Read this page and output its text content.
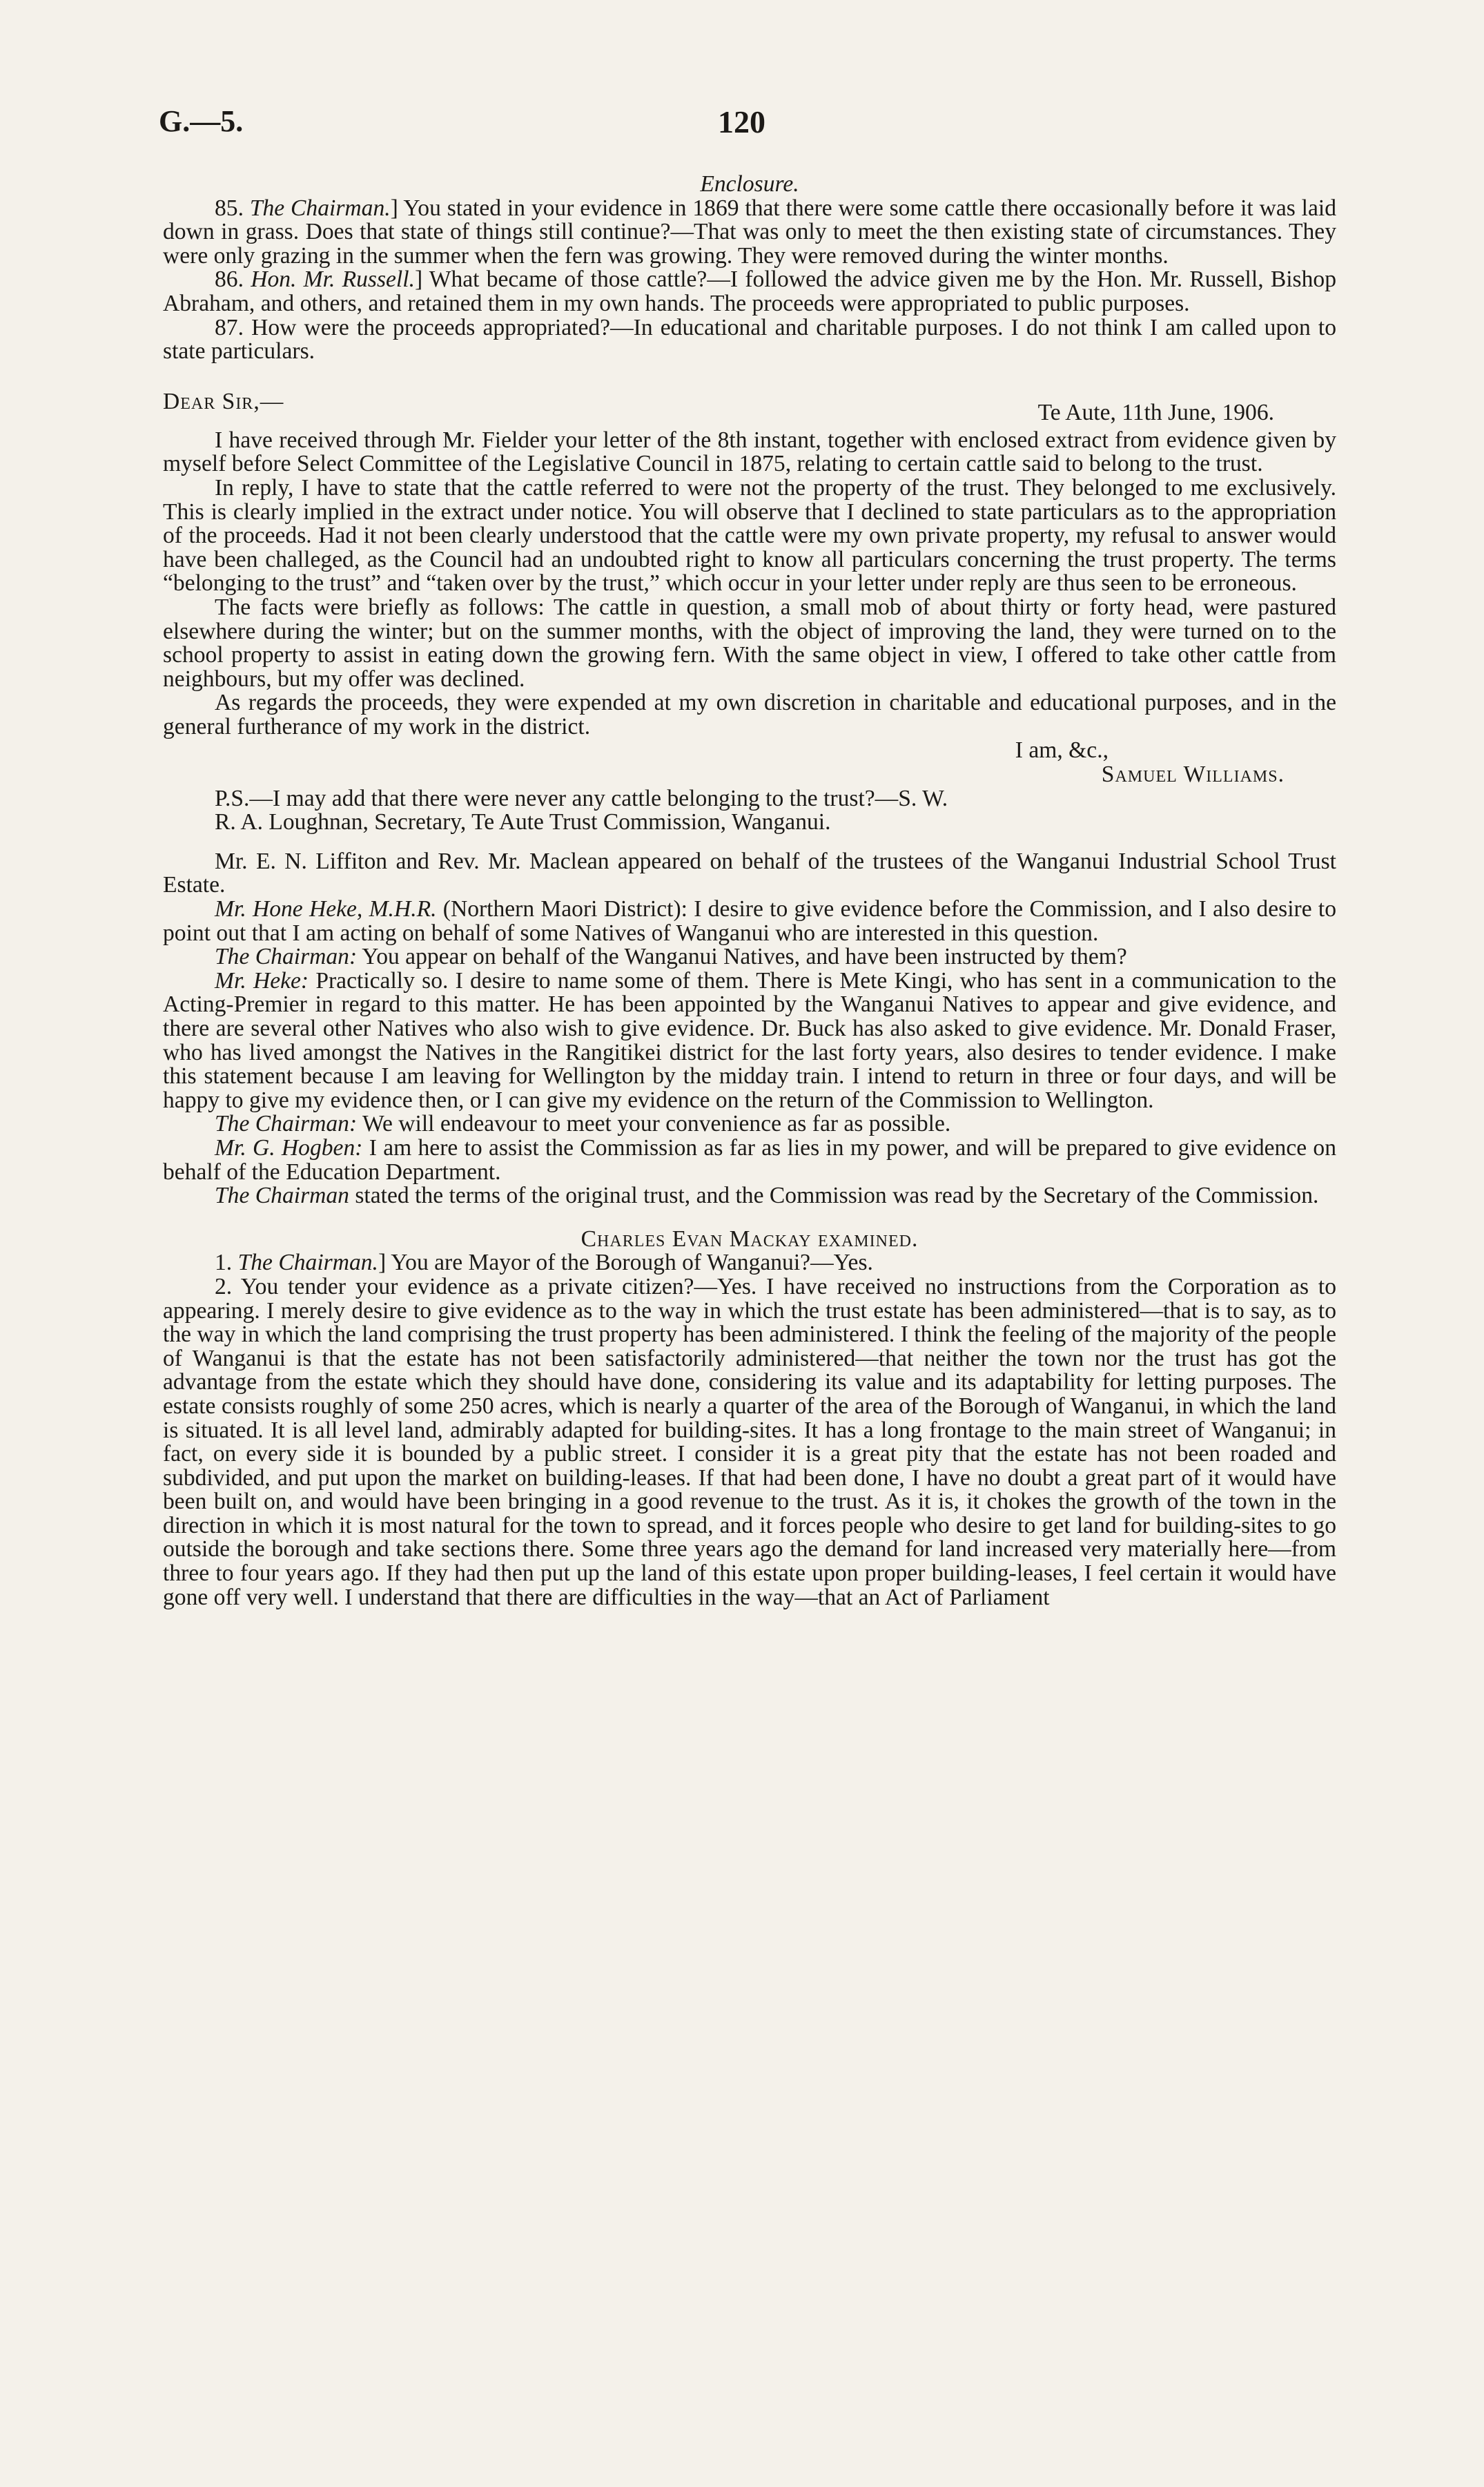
G.—5.	120

Enclosure.

85. The Chairman.] You stated in your evidence in 1869 that there were some cattle there occasionally before it was laid down in grass. Does that state of things still continue?—That was only to meet the then existing state of circumstances. They were only grazing in the summer when the fern was growing. They were removed during the winter months.

86. Hon. Mr. Russell.] What became of those cattle?—I followed the advice given me by the Hon. Mr. Russell, Bishop Abraham, and others, and retained them in my own hands. The proceeds were appropriated to public purposes.

87. How were the proceeds appropriated?—In educational and charitable purposes. I do not think I am called upon to state particulars.

Dear Sir,—	Te Aute, 11th June, 1906.

I have received through Mr. Fielder your letter of the 8th instant, together with enclosed extract from evidence given by myself before Select Committee of the Legislative Council in 1875, relating to certain cattle said to belong to the trust.

In reply, I have to state that the cattle referred to were not the property of the trust. They belonged to me exclusively. This is clearly implied in the extract under notice. You will observe that I declined to state particulars as to the appropriation of the proceeds. Had it not been clearly understood that the cattle were my own private property, my refusal to answer would have been challeged, as the Council had an undoubted right to know all particulars concerning the trust property. The terms “belonging to the trust” and “taken over by the trust,” which occur in your letter under reply are thus seen to be erroneous.

The facts were briefly as follows: The cattle in question, a small mob of about thirty or forty head, were pastured elsewhere during the winter; but on the summer months, with the object of improving the land, they were turned on to the school property to assist in eating down the growing fern. With the same object in view, I offered to take other cattle from neighbours, but my offer was declined.

As regards the proceeds, they were expended at my own discretion in charitable and educational purposes, and in the general furtherance of my work in the district.

I am, &c.,

Samuel Williams.

P.S.—I may add that there were never any cattle belonging to the trust?—S. W.

R. A. Loughnan, Secretary, Te Aute Trust Commission, Wanganui.

Mr. E. N. Liffiton and Rev. Mr. Maclean appeared on behalf of the trustees of the Wanganui Industrial School Trust Estate.

Mr. Hone Heke, M.H.R. (Northern Maori District): I desire to give evidence before the Commission, and I also desire to point out that I am acting on behalf of some Natives of Wanganui who are interested in this question.

The Chairman: You appear on behalf of the Wanganui Natives, and have been instructed by them?

Mr. Heke: Practically so. I desire to name some of them. There is Mete Kingi, who has sent in a communication to the Acting-Premier in regard to this matter. He has been appointed by the Wanganui Natives to appear and give evidence, and there are several other Natives who also wish to give evidence. Dr. Buck has also asked to give evidence. Mr. Donald Fraser, who has lived amongst the Natives in the Rangitikei district for the last forty years, also desires to tender evidence. I make this statement because I am leaving for Wellington by the midday train. I intend to return in three or four days, and will be happy to give my evidence then, or I can give my evidence on the return of the Commission to Wellington.

The Chairman: We will endeavour to meet your convenience as far as possible.

Mr. G. Hogben: I am here to assist the Commission as far as lies in my power, and will be prepared to give evidence on behalf of the Education Department.

The Chairman stated the terms of the original trust, and the Commission was read by the Secretary of the Commission.

Charles Evan Mackay examined.

1. The Chairman.] You are Mayor of the Borough of Wanganui?—Yes.

2. You tender your evidence as a private citizen?—Yes. I have received no instructions from the Corporation as to appearing. I merely desire to give evidence as to the way in which the trust estate has been administered—that is to say, as to the way in which the land comprising the trust property has been administered. I think the feeling of the majority of the people of Wanganui is that the estate has not been satisfactorily administered—that neither the town nor the trust has got the advantage from the estate which they should have done, considering its value and its adaptability for letting purposes. The estate consists roughly of some 250 acres, which is nearly a quarter of the area of the Borough of Wanganui, in which the land is situated. It is all level land, admirably adapted for building-sites. It has a long frontage to the main street of Wanganui; in fact, on every side it is bounded by a public street. I consider it is a great pity that the estate has not been roaded and subdivided, and put upon the market on building-leases. If that had been done, I have no doubt a great part of it would have been built on, and would have been bringing in a good revenue to the trust. As it is, it chokes the growth of the town in the direction in which it is most natural for the town to spread, and it forces people who desire to get land for building-sites to go outside the borough and take sections there. Some three years ago the demand for land increased very materially here—from three to four years ago. If they had then put up the land of this estate upon proper building-leases, I feel certain it would have gone off very well. I understand that there are difficulties in the way—that an Act of Parliament
